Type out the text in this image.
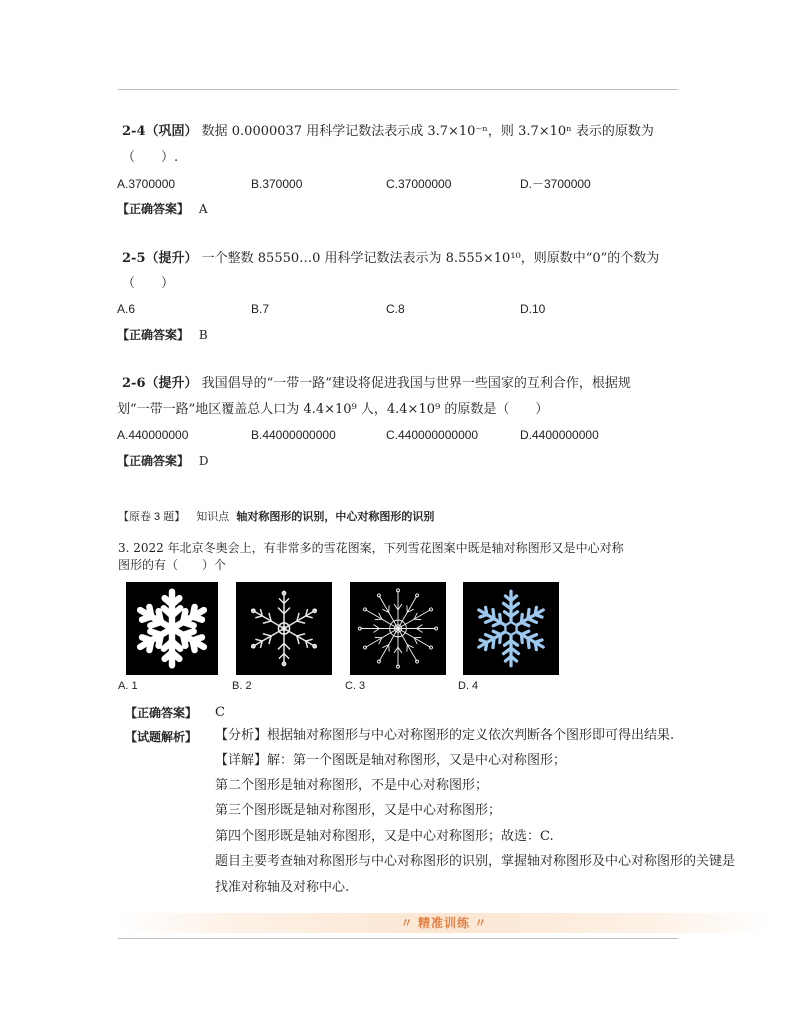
2-4（巩固） 数据 0.0000037 用科学记数法表示成 3.7×10⁻ⁿ，则 3.7×10ⁿ 表示的原数为
（　　）.
A.3700000	B.370000	C.37000000	D.－3700000
【正确答案】 A
2-5（提升） 一个整数 85550…0 用科学记数法表示为 8.555×10¹⁰，则原数中“0”的个数为
（　　）
A.6	B.7	C.8	D.10
【正确答案】 B
2-6（提升） 我国倡导的“一带一路”建设将促进我国与世界一些国家的互利合作，根据规
划“一带一路”地区覆盖总人口为 4.4×10⁹ 人，4.4×10⁹ 的原数是（　　）
A.440000000	B.44000000000	C.440000000000	D.4400000000
【正确答案】 D
【原卷 3 题】 知识点 轴对称图形的识别，中心对称图形的识别
3. 2022 年北京冬奥会上，有非常多的雪花图案，下列雪花图案中既是轴对称图形又是中心对称
图形的有（　　）个
A. 1	B. 2	C. 3	D. 4
【正确答案】 C
【试题解析】 【分析】根据轴对称图形与中心对称图形的定义依次判断各个图形即可得出结果.
【详解】解：第一个图既是轴对称图形，又是中心对称图形；
第二个图形是轴对称图形，不是中心对称图形；
第三个图形既是轴对称图形，又是中心对称图形；
第四个图形既是轴对称图形，又是中心对称图形；故选：C.
题目主要考查轴对称图形与中心对称图形的识别，掌握轴对称图形及中心对称图形的关键是
找准对称轴及对称中心.
〃 精准训练 〃
